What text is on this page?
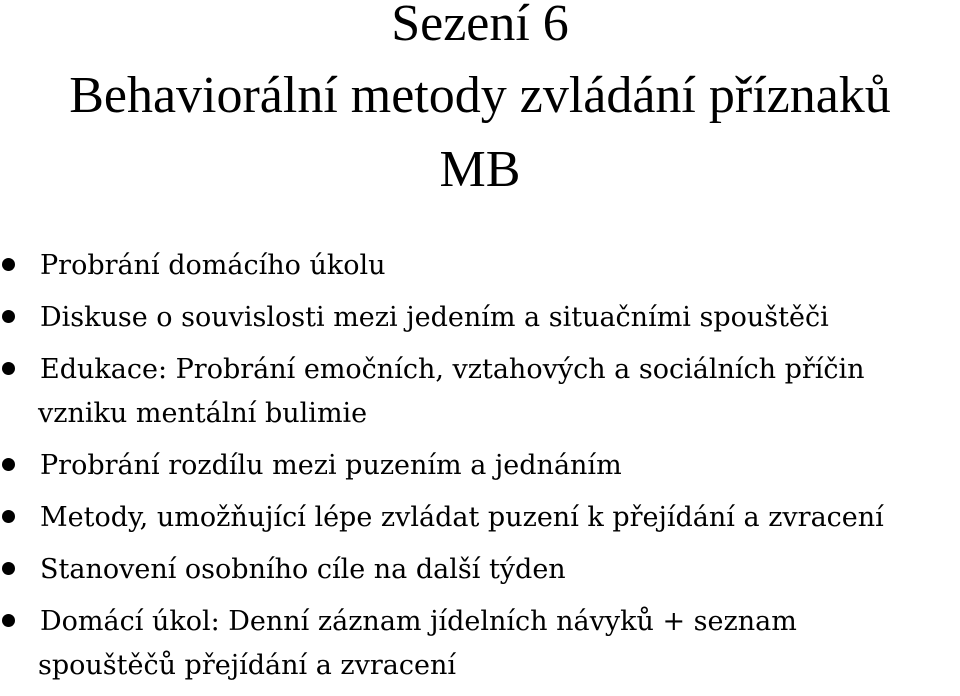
Sezení 6
Behaviorální metody zvládání příznaků
MB
Probrání domácího úkolu
Diskuse o souvislosti mezi jedením a situačními spouštěči
Edukace: Probrání emočních, vztahových a sociálních příčin
vzniku mentální bulimie
Probrání rozdílu mezi puzením a jednáním
Metody, umožňující lépe zvládat puzení k přejídání a zvracení
Stanovení osobního cíle na další týden
Domácí úkol: Denní záznam jídelních návyků + seznam
spouštěčů přejídání a zvracení
